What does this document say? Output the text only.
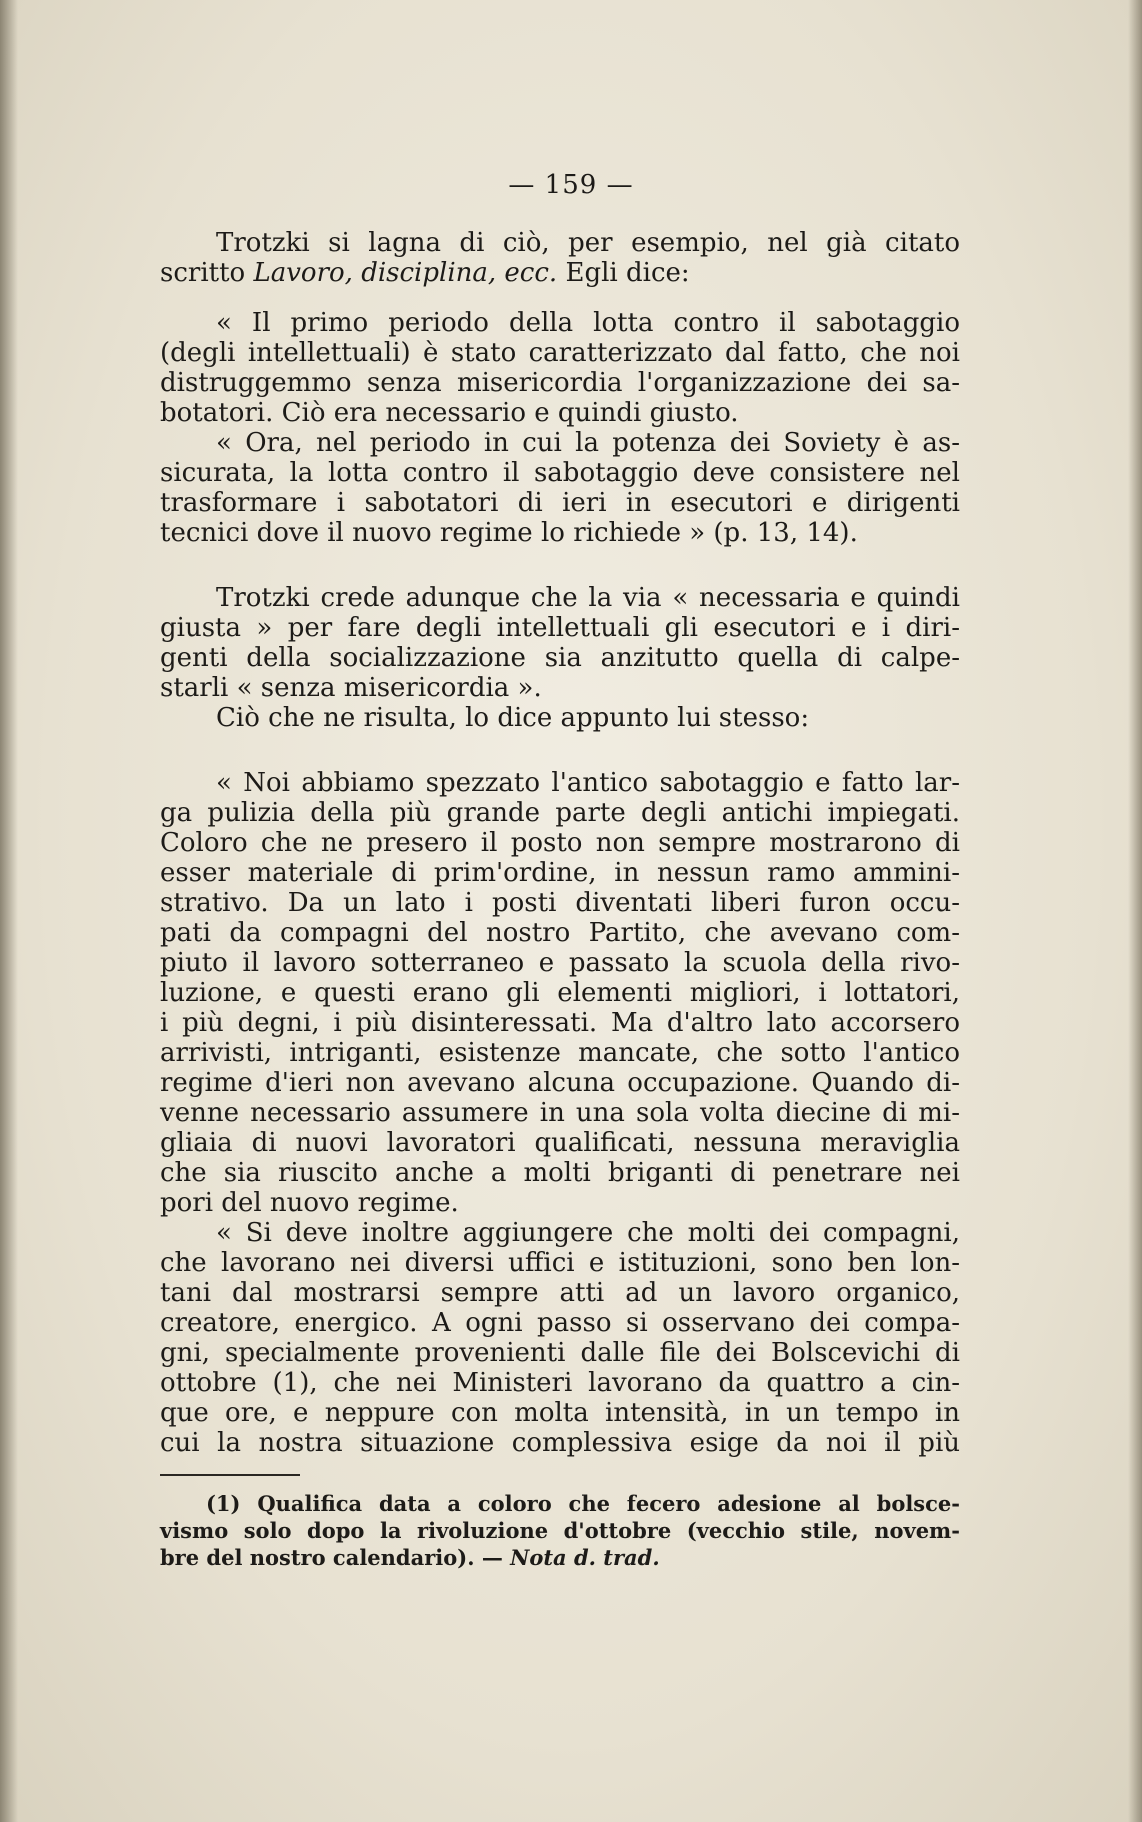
— 159 —
Trotzki si lagna di ciò, per esempio, nel già citato
scritto Lavoro, disciplina, ecc. Egli dice:
« Il primo periodo della lotta contro il sabotaggio
(degli intellettuali) è stato caratterizzato dal fatto, che noi
distruggemmo senza misericordia l'organizzazione dei sa-
botatori. Ciò era necessario e quindi giusto.
« Ora, nel periodo in cui la potenza dei Soviety è as-
sicurata, la lotta contro il sabotaggio deve consistere nel
trasformare i sabotatori di ieri in esecutori e dirigenti
tecnici dove il nuovo regime lo richiede » (p. 13, 14).
Trotzki crede adunque che la via « necessaria e quindi
giusta » per fare degli intellettuali gli esecutori e i diri-
genti della socializzazione sia anzitutto quella di calpe-
starli « senza misericordia ».
Ciò che ne risulta, lo dice appunto lui stesso:
« Noi abbiamo spezzato l'antico sabotaggio e fatto lar-
ga pulizia della più grande parte degli antichi impiegati.
Coloro che ne presero il posto non sempre mostrarono di
esser materiale di prim'ordine, in nessun ramo ammini-
strativo. Da un lato i posti diventati liberi furon occu-
pati da compagni del nostro Partito, che avevano com-
piuto il lavoro sotterraneo e passato la scuola della rivo-
luzione, e questi erano gli elementi migliori, i lottatori,
i più degni, i più disinteressati. Ma d'altro lato accorsero
arrivisti, intriganti, esistenze mancate, che sotto l'antico
regime d'ieri non avevano alcuna occupazione. Quando di-
venne necessario assumere in una sola volta diecine di mi-
gliaia di nuovi lavoratori qualificati, nessuna meraviglia
che sia riuscito anche a molti briganti di penetrare nei
pori del nuovo regime.
« Si deve inoltre aggiungere che molti dei compagni,
che lavorano nei diversi uffici e istituzioni, sono ben lon-
tani dal mostrarsi sempre atti ad un lavoro organico,
creatore, energico. A ogni passo si osservano dei compa-
gni, specialmente provenienti dalle file dei Bolscevichi di
ottobre (1), che nei Ministeri lavorano da quattro a cin-
que ore, e neppure con molta intensità, in un tempo in
cui la nostra situazione complessiva esige da noi il più
(1) Qualifica data a coloro che fecero adesione al bolsce-
vismo solo dopo la rivoluzione d'ottobre (vecchio stile, novem-
bre del nostro calendario). — Nota d. trad.
